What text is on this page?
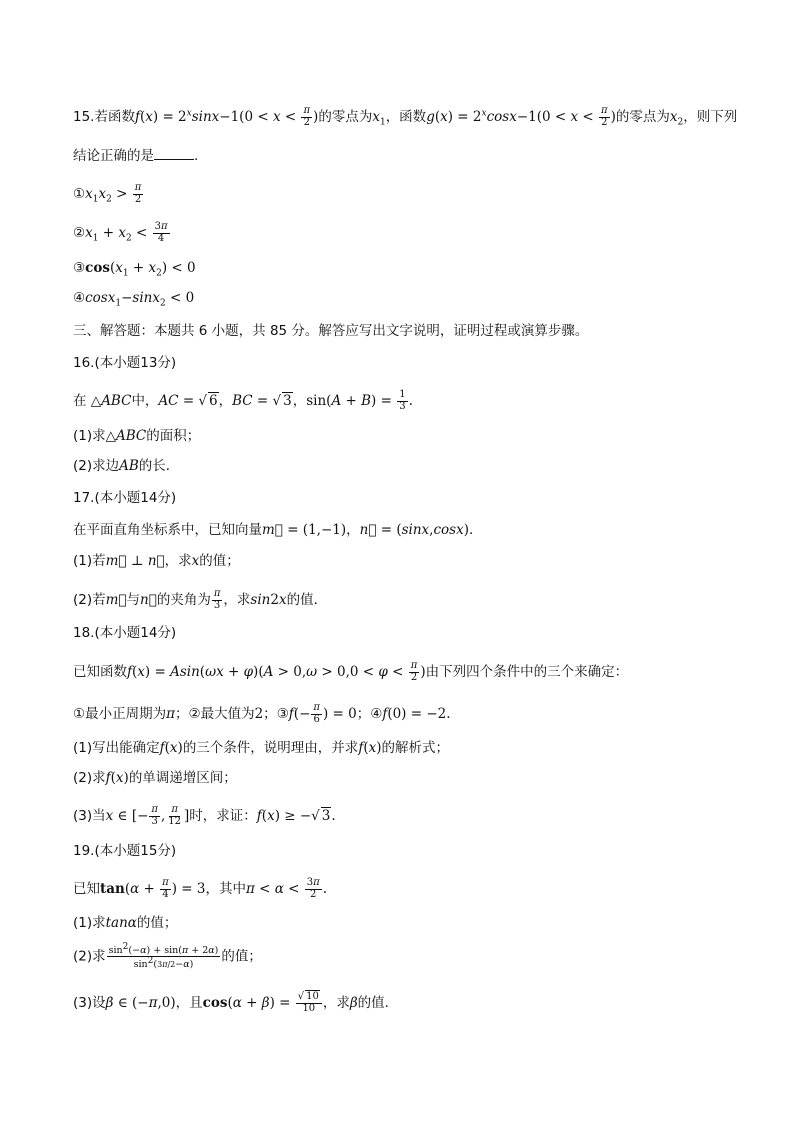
15.若函数$f(x) = 2^x\sin x-1(0 < x < \frac{\pi}{2}$ )的零点为$x_1$，函数$g(x) = 2^x\cos x-1(0 < x < \frac{\pi}{2}$ )的零点为$x_2$，则下列
结论正确的是	.
$①x_1x_2 > \frac{\pi}{2}$
$②x_1 + x_2 < \frac{3\pi}{4}$
$③\cos(x_1 + x_2) < 0$
④cosx$_1$−sinx$_2$ < 0
三、解答题：本题共 6 小题，共 85 分。解答应写出文字说明，证明过程或演算步骤。
16.(本小题13分)
在 △ABC中，AC = √ 6，BC = √ 3，$\sin(A + B) = \frac{1}{3}$ .
(1)求△ABC的面积；
(2)求边AB的长．
17.(本小题14分)
在平面直角坐标系中，已知向量m⃗ = (1,−1)，n⃗ = (sinx,cosx)．
(1)若m⃗ ⊥ n⃗，求x的值；
(2)若m⃗与n⃗的夹角为 $\frac{\pi}{3}$ ，求sin2x的值．
18.(本小题14分)
已知函数$f(x) = Asin(\omega x + \varphi)(A > 0,\omega > 0,0 < \varphi < \frac{\pi}{2}$ )由下列四个条件中的三个来确定：
①最小正周期为π；②最大值为2；③f(− $\frac{\pi}{6}$ ) = 0；④f(0) = −2.
(1)写出能确定f(x)的三个条件，说明理由，并求f(x)的解析式；
(2)求f(x)的单调递增区间；
(3)当x ∈ [− $\frac{\pi}{3}$ , $\frac{\pi}{12}$ ]时，求证：f(x) ≥ −√ 3.
19.(本小题15分)
已知$\tan(\alpha + \frac{\pi}{4}$ ) = 3，其中$\pi < \alpha < \frac{3\pi}{2}$ .
(1)求tanα的值；
(2)求 $\frac{\sin^2(-\alpha) + \sin(\pi + 2\alpha)}{\sin^2(3\pi/2-\alpha)}$ 的值；
(3)设β ∈ (−π,0)，且$\cos(\alpha + \beta) = \frac{√ 10}{10}$ ，求β的值．
